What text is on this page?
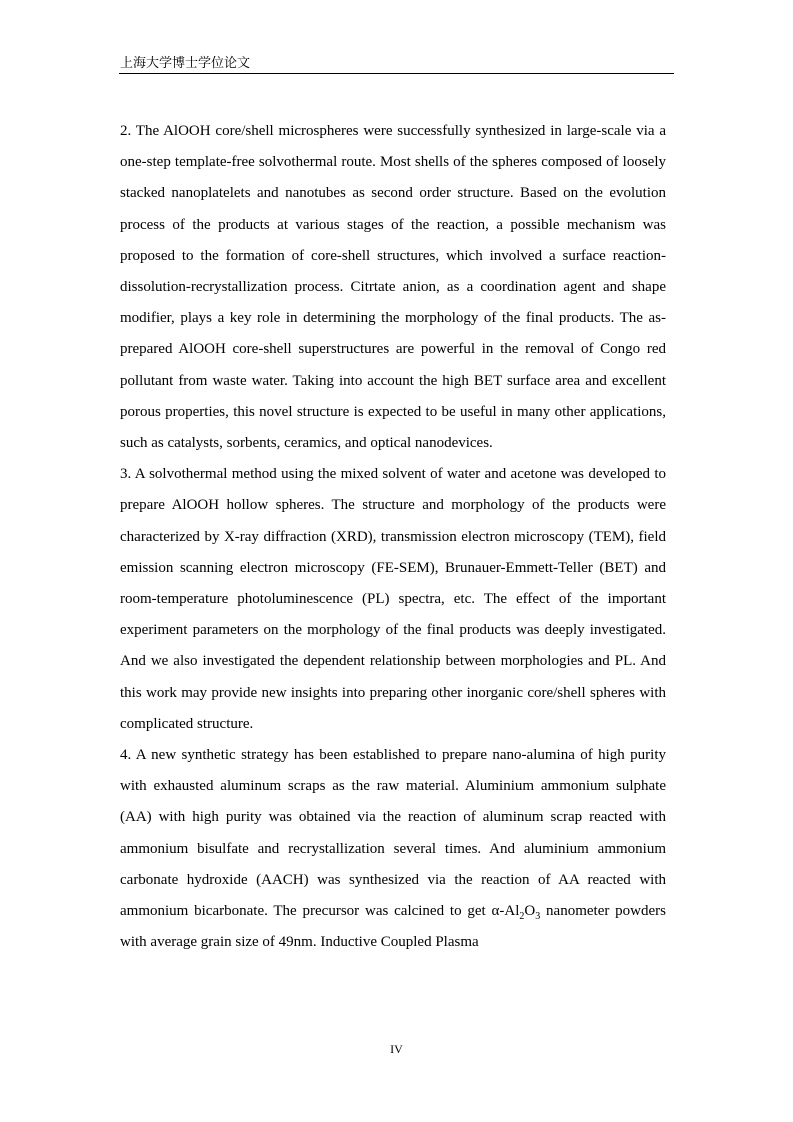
上海大学博士学位论文

2. The AlOOH core/shell microspheres were successfully synthesized in large-scale via a one-step template-free solvothermal route. Most shells of the spheres composed of loosely stacked nanoplatelets and nanotubes as second order structure. Based on the evolution process of the products at various stages of the reaction, a possible mechanism was proposed to the formation of core-shell structures, which involved a surface reaction-dissolution-recrystallization process. Citrtate anion, as a coordination agent and shape modifier, plays a key role in determining the morphology of the final products. The as-prepared AlOOH core-shell superstructures are powerful in the removal of Congo red pollutant from waste water. Taking into account the high BET surface area and excellent porous properties, this novel structure is expected to be useful in many other applications, such as catalysts, sorbents, ceramics, and optical nanodevices.

3. A solvothermal method using the mixed solvent of water and acetone was developed to prepare AlOOH hollow spheres. The structure and morphology of the products were characterized by X-ray diffraction (XRD), transmission electron microscopy (TEM), field emission scanning electron microscopy (FE-SEM), Brunauer-Emmett-Teller (BET) and room-temperature photoluminescence (PL) spectra, etc. The effect of the important experiment parameters on the morphology of the final products was deeply investigated. And we also investigated the dependent relationship between morphologies and PL. And this work may provide new insights into preparing other inorganic core/shell spheres with complicated structure.

4. A new synthetic strategy has been established to prepare nano-alumina of high purity with exhausted aluminum scraps as the raw material. Aluminium ammonium sulphate (AA) with high purity was obtained via the reaction of aluminum scrap reacted with ammonium bisulfate and recrystallization several times. And aluminium ammonium carbonate hydroxide (AACH) was synthesized via the reaction of AA reacted with ammonium bicarbonate. The precursor was calcined to get $\alpha-Al_2O_3$ nanometer powders with average grain size of 49nm. Inductive Coupled Plasma

IV
